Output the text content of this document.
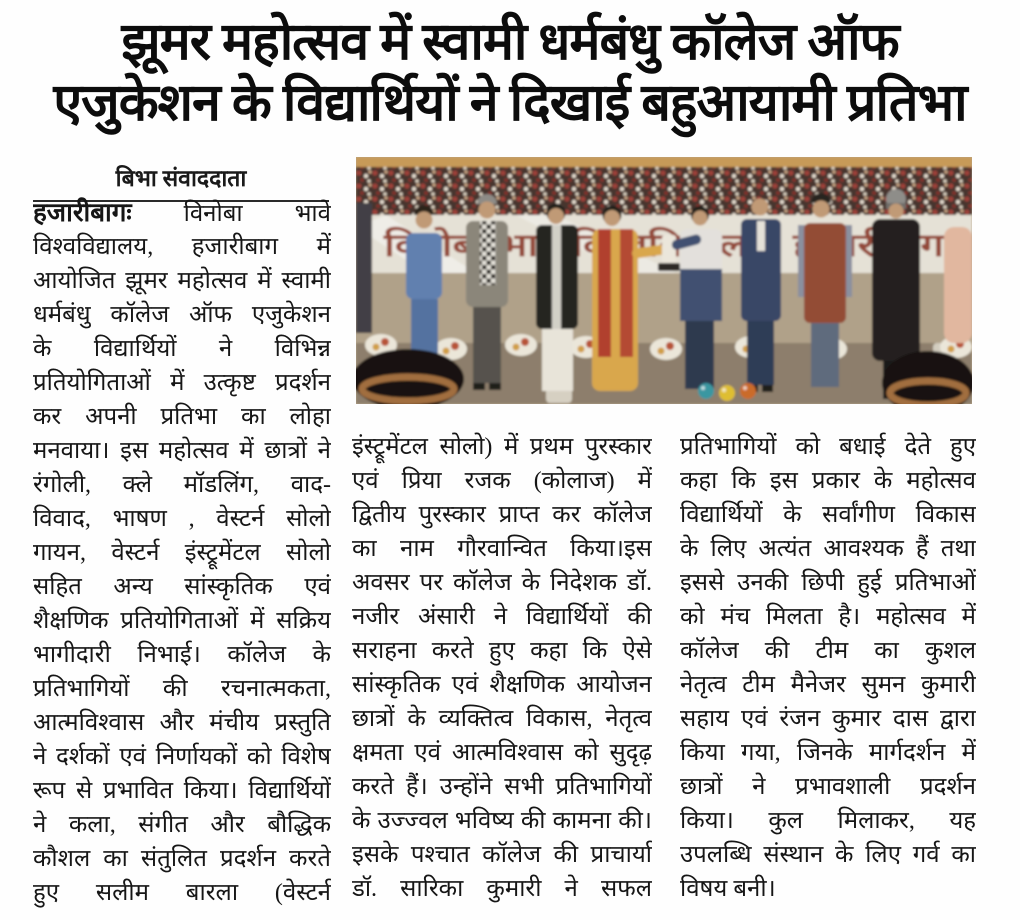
झूमर महोत्सव में स्वामी धर्मबंधु कॉलेज ऑफ
एजुकेशन के विद्यार्थियों ने दिखाई बहुआयामी प्रतिभा
बिभा संवाददाता
हजारीबागः विनोबा भावे
विश्वविद्यालय, हजारीबाग में
आयोजित झूमर महोत्सव में स्वामी
धर्मबंधु कॉलेज ऑफ एजुकेशन
के विद्यार्थियों ने विभिन्न
प्रतियोगिताओं में उत्कृष्ट प्रदर्शन
कर अपनी प्रतिभा का लोहा
मनवाया। इस महोत्सव में छात्रों ने
रंगोली, क्ले मॉडलिंग, वाद-
विवाद, भाषण , वेस्टर्न सोलो
गायन, वेस्टर्न इंस्ट्रूमेंटल सोलो
सहित अन्य सांस्कृतिक एवं
शैक्षणिक प्रतियोगिताओं में सक्रिय
भागीदारी निभाई। कॉलेज के
प्रतिभागियों की रचनात्मकता,
आत्मविश्वास और मंचीय प्रस्तुति
ने दर्शकों एवं निर्णायकों को विशेष
रूप से प्रभावित किया। विद्यार्थियों
ने कला, संगीत और बौद्धिक
कौशल का संतुलित प्रदर्शन करते
हुए सलीम बारला (वेस्टर्न
इंस्ट्रूमेंटल सोलो) में प्रथम पुरस्कार
एवं प्रिया रजक (कोलाज) में
द्वितीय पुरस्कार प्राप्त कर कॉलेज
का नाम गौरवान्वित किया।इस
अवसर पर कॉलेज के निदेशक डॉ.
नजीर अंसारी ने विद्यार्थियों की
सराहना करते हुए कहा कि ऐसे
सांस्कृतिक एवं शैक्षणिक आयोजन
छात्रों के व्यक्तित्व विकास, नेतृत्व
क्षमता एवं आत्मविश्वास को सुदृढ़
करते हैं। उन्होंने सभी प्रतिभागियों
के उज्ज्वल भविष्य की कामना की।
इसके पश्चात कॉलेज की प्राचार्या
डॉ. सारिका कुमारी ने सफल
प्रतिभागियों को बधाई देते हुए
कहा कि इस प्रकार के महोत्सव
विद्यार्थियों के सर्वांगीण विकास
के लिए अत्यंत आवश्यक हैं तथा
इससे उनकी छिपी हुई प्रतिभाओं
को मंच मिलता है। महोत्सव में
कॉलेज की टीम का कुशल
नेतृत्व टीम मैनेजर सुमन कुमारी
सहाय एवं रंजन कुमार दास द्वारा
किया गया, जिनके मार्गदर्शन में
छात्रों ने प्रभावशाली प्रदर्शन
किया। कुल मिलाकर, यह
उपलब्धि संस्थान के लिए गर्व का
विषय बनी।
